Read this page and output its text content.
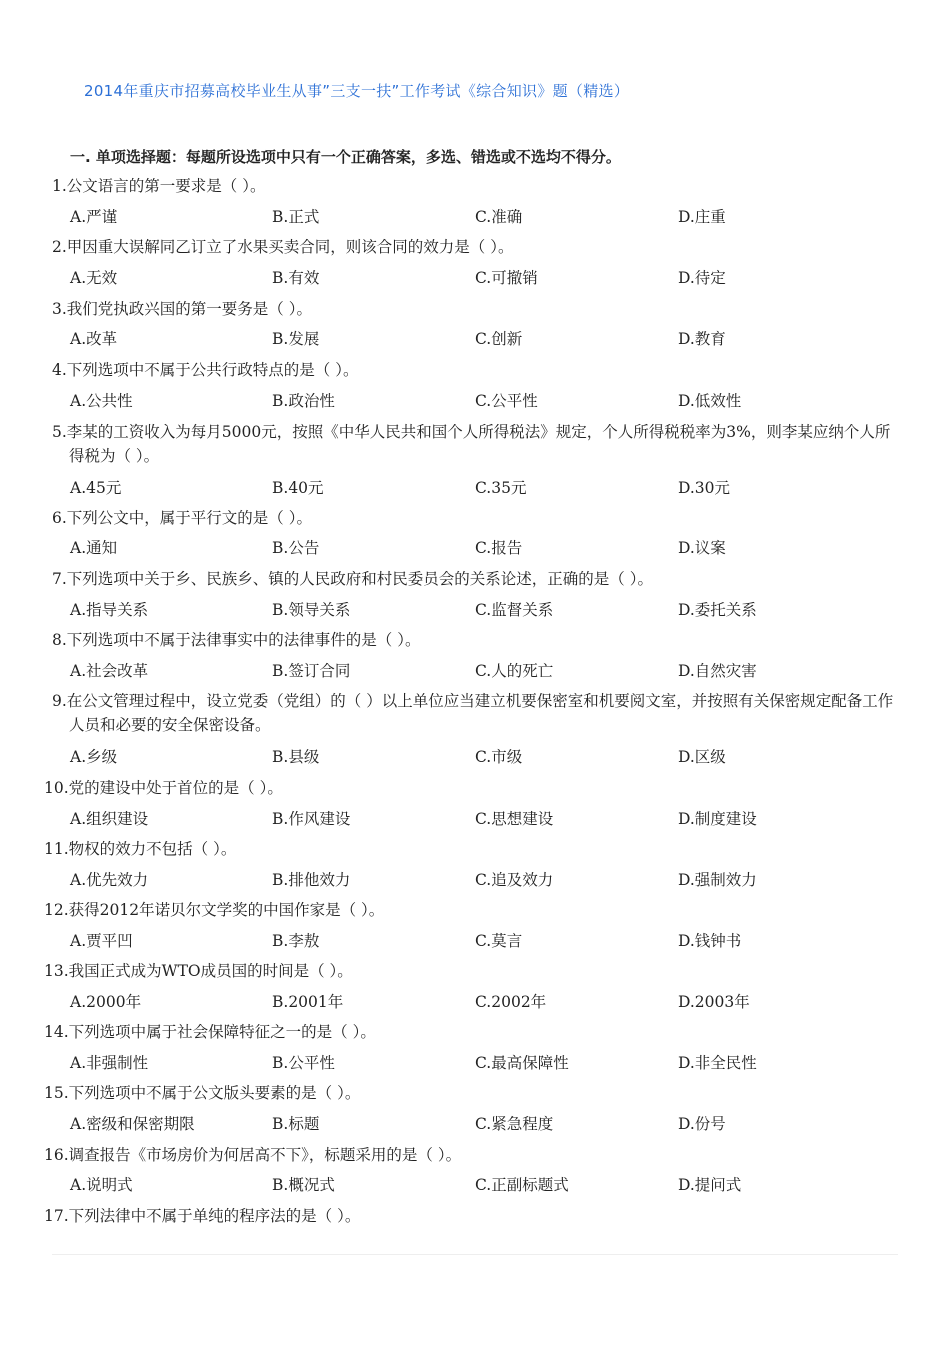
2014年重庆市招募高校毕业生从事”三支一扶”工作考试《综合知识》题（精选）
一. 单项选择题：每题所设选项中只有一个正确答案，多选、错选或不选均不得分。
1.公文语言的第一要求是（ ）。
A.严谨	B.正式	C.准确	D.庄重
2.甲因重大误解同乙订立了水果买卖合同，则该合同的效力是（ ）。
A.无效	B.有效	C.可撤销	D.待定
3.我们党执政兴国的第一要务是（ ）。
A.改革	B.发展	C.创新	D.教育
4.下列选项中不属于公共行政特点的是（ ）。
A.公共性	B.政治性	C.公平性	D.低效性
5.李某的工资收入为每月5000元，按照《中华人民共和国个人所得税法》规定，个人所得税税率为3%，则李某应纳个人所得税为（ ）。
A.45元	B.40元	C.35元	D.30元
6.下列公文中，属于平行文的是（ ）。
A.通知	B.公告	C.报告	D.议案
7.下列选项中关于乡、民族乡、镇的人民政府和村民委员会的关系论述，正确的是（ ）。
A.指导关系	B.领导关系	C.监督关系	D.委托关系
8.下列选项中不属于法律事实中的法律事件的是（ ）。
A.社会改革	B.签订合同	C.人的死亡	D.自然灾害
9.在公文管理过程中，设立党委（党组）的（ ）以上单位应当建立机要保密室和机要阅文室，并按照有关保密规定配备工作人员和必要的安全保密设备。
A.乡级	B.县级	C.市级	D.区级
10.党的建设中处于首位的是（ ）。
A.组织建设	B.作风建设	C.思想建设	D.制度建设
11.物权的效力不包括（ ）。
A.优先效力	B.排他效力	C.追及效力	D.强制效力
12.获得2012年诺贝尔文学奖的中国作家是（ ）。
A.贾平凹	B.李敖	C.莫言	D.钱钟书
13.我国正式成为WTO成员国的时间是（ ）。
A.2000年	B.2001年	C.2002年	D.2003年
14.下列选项中属于社会保障特征之一的是（ ）。
A.非强制性	B.公平性	C.最高保障性	D.非全民性
15.下列选项中不属于公文版头要素的是（ ）。
A.密级和保密期限	B.标题	C.紧急程度	D.份号
16.调查报告《市场房价为何居高不下》，标题采用的是（ ）。
A.说明式	B.概况式	C.正副标题式	D.提问式
17.下列法律中不属于单纯的程序法的是（ ）。
